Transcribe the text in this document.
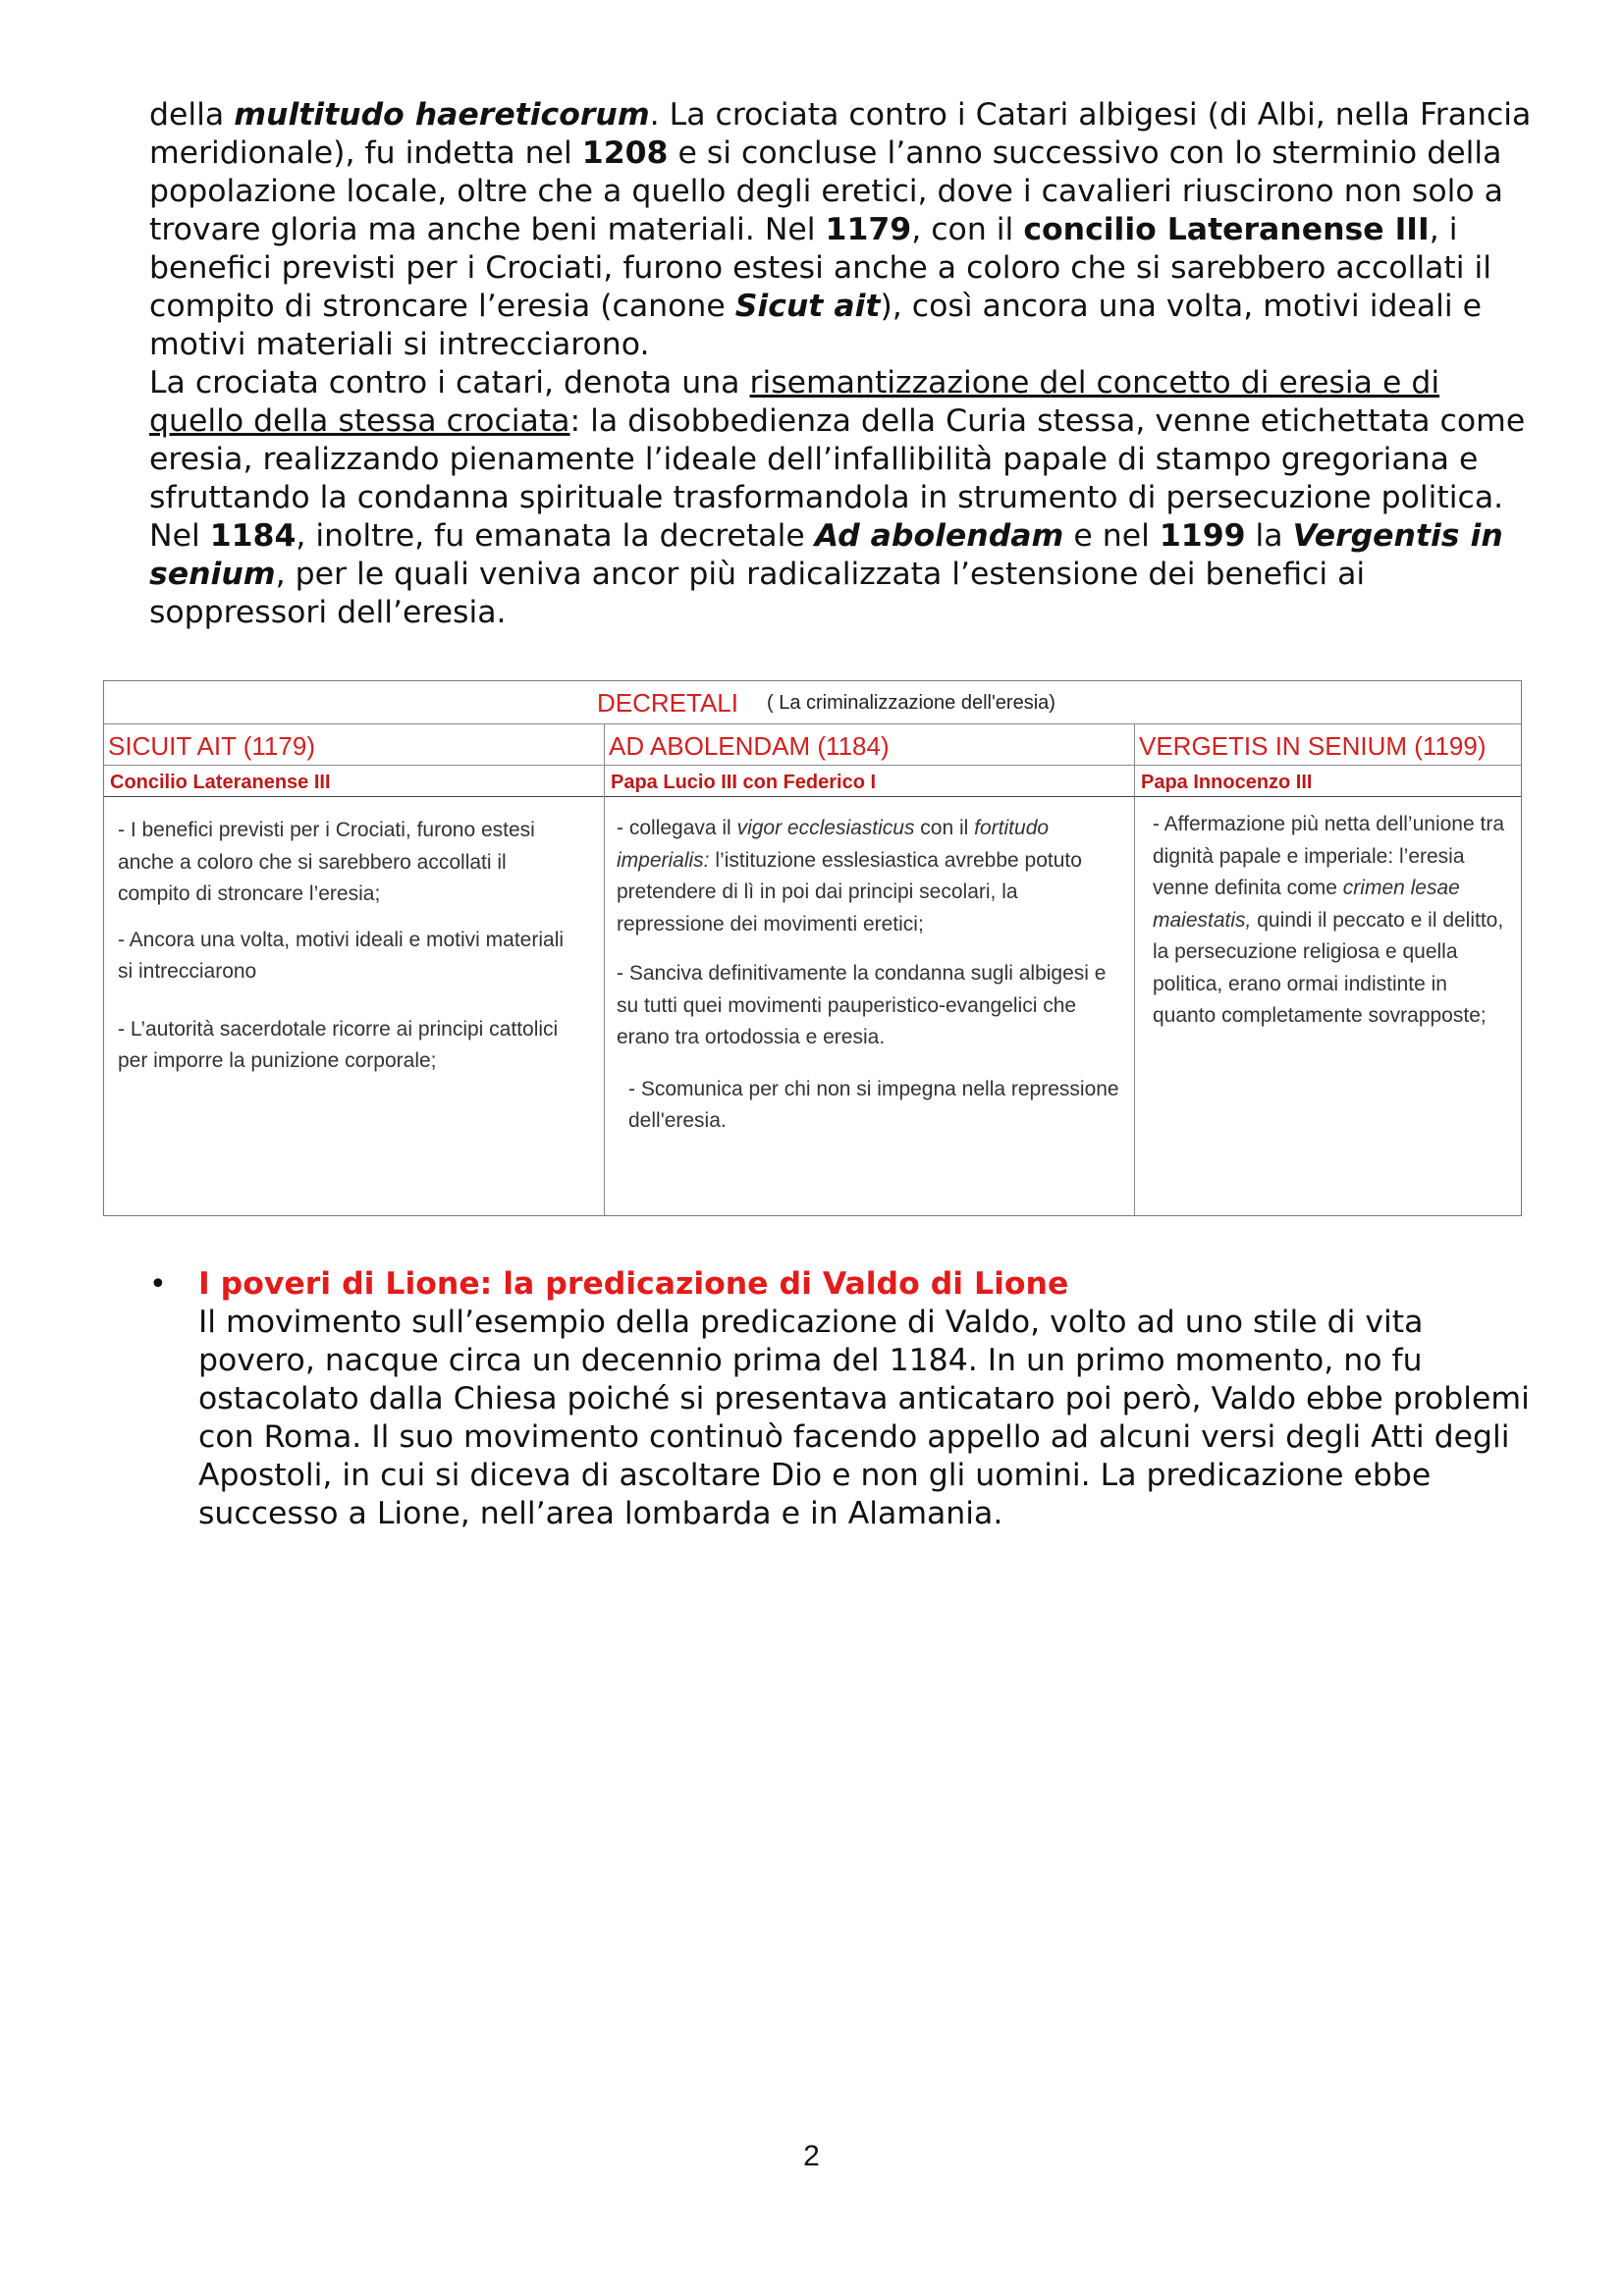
della multitudo haereticorum. La crociata contro i Catari albigesi (di Albi, nella Francia meridionale), fu indetta nel 1208 e si concluse l’anno successivo con lo sterminio della popolazione locale, oltre che a quello degli eretici, dove i cavalieri riuscirono non solo a trovare gloria ma anche beni materiali. Nel 1179, con il concilio Lateranense III, i benefici previsti per i Crociati, furono estesi anche a coloro che si sarebbero accollati il compito di stroncare l’eresia (canone Sicut ait), così ancora una volta, motivi ideali e motivi materiali si intrecciarono.

La crociata contro i catari, denota una risemantizzazione del concetto di eresia e di quello della stessa crociata: la disobbedienza della Curia stessa, venne etichettata come eresia, realizzando pienamente l’ideale dell’infallibilità papale di stampo gregoriana e sfruttando la condanna spirituale trasformandola in strumento di persecuzione politica.

Nel 1184, inoltre, fu emanata la decretale Ad abolendam e nel 1199 la Vergentis in senium, per le quali veniva ancor più radicalizzata l’estensione dei benefici ai soppressori dell’eresia.

DECRETALI ( La criminalizzazione dell'eresia)
SICUIT AIT (1179)
Concilio Lateranense III
- I benefici previsti per i Crociati, furono estesi anche a coloro che si sarebbero accollati il compito di stroncare l’eresia;
- Ancora una volta, motivi ideali e motivi materiali si intrecciarono
- L’autorità sacerdotale ricorre ai principi cattolici per imporre la punizione corporale;
AD ABOLENDAM (1184)
Papa Lucio III con Federico I
- collegava il vigor ecclesiasticus con il fortitudo imperialis: l’istituzione esslesiastica avrebbe potuto pretendere di lì in poi dai principi secolari, la repressione dei movimenti eretici;
- Sanciva definitivamente la condanna sugli albigesi e su tutti quei movimenti pauperistico-evangelici che erano tra ortodossia e eresia.
- Scomunica per chi non si impegna nella repressione dell'eresia.
VERGETIS IN SENIUM (1199)
Papa Innocenzo III
- Affermazione più netta dell’unione tra dignità papale e imperiale: l’eresia venne definita come crimen lesae maiestatis, quindi il peccato e il delitto, la persecuzione religiosa e quella politica, erano ormai indistinte in quanto completamente sovrapposte;
• I poveri di Lione: la predicazione di Valdo di Lione
Il movimento sull’esempio della predicazione di Valdo, volto ad uno stile di vita povero, nacque circa un decennio prima del 1184. In un primo momento, no fu ostacolato dalla Chiesa poiché si presentava anticataro poi però, Valdo ebbe problemi con Roma. Il suo movimento continuò facendo appello ad alcuni versi degli Atti degli Apostoli, in cui si diceva di ascoltare Dio e non gli uomini. La predicazione ebbe successo a Lione, nell’area lombarda e in Alamania.
2
